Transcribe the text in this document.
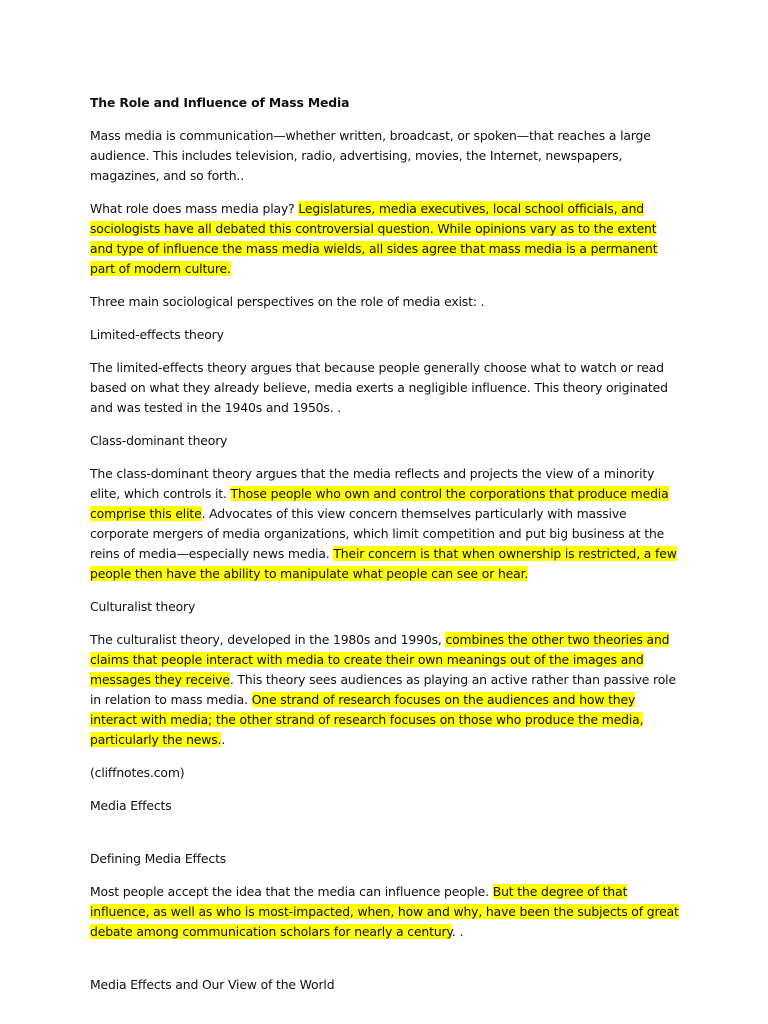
The Role and Influence of Mass Media

Mass media is communication—whether written, broadcast, or spoken—that reaches a large audience. This includes television, radio, advertising, movies, the Internet, newspapers, magazines, and so forth..

What role does mass media play? Legislatures, media executives, local school officials, and sociologists have all debated this controversial question. While opinions vary as to the extent and type of influence the mass media wields, all sides agree that mass media is a permanent part of modern culture.

Three main sociological perspectives on the role of media exist: .

Limited-effects theory

The limited-effects theory argues that because people generally choose what to watch or read based on what they already believe, media exerts a negligible influence. This theory originated and was tested in the 1940s and 1950s. .

Class-dominant theory

The class-dominant theory argues that the media reflects and projects the view of a minority elite, which controls it. Those people who own and control the corporations that produce media comprise this elite. Advocates of this view concern themselves particularly with massive corporate mergers of media organizations, which limit competition and put big business at the reins of media—especially news media. Their concern is that when ownership is restricted, a few people then have the ability to manipulate what people can see or hear.

Culturalist theory

The culturalist theory, developed in the 1980s and 1990s, combines the other two theories and claims that people interact with media to create their own meanings out of the images and messages they receive. This theory sees audiences as playing an active rather than passive role in relation to mass media. One strand of research focuses on the audiences and how they interact with media; the other strand of research focuses on those who produce the media, particularly the news..

(cliffnotes.com)

Media Effects

Defining Media Effects

Most people accept the idea that the media can influence people. But the degree of that influence, as well as who is most-impacted, when, how and why, have been the subjects of great debate among communication scholars for nearly a century. .

Media Effects and Our View of the World
